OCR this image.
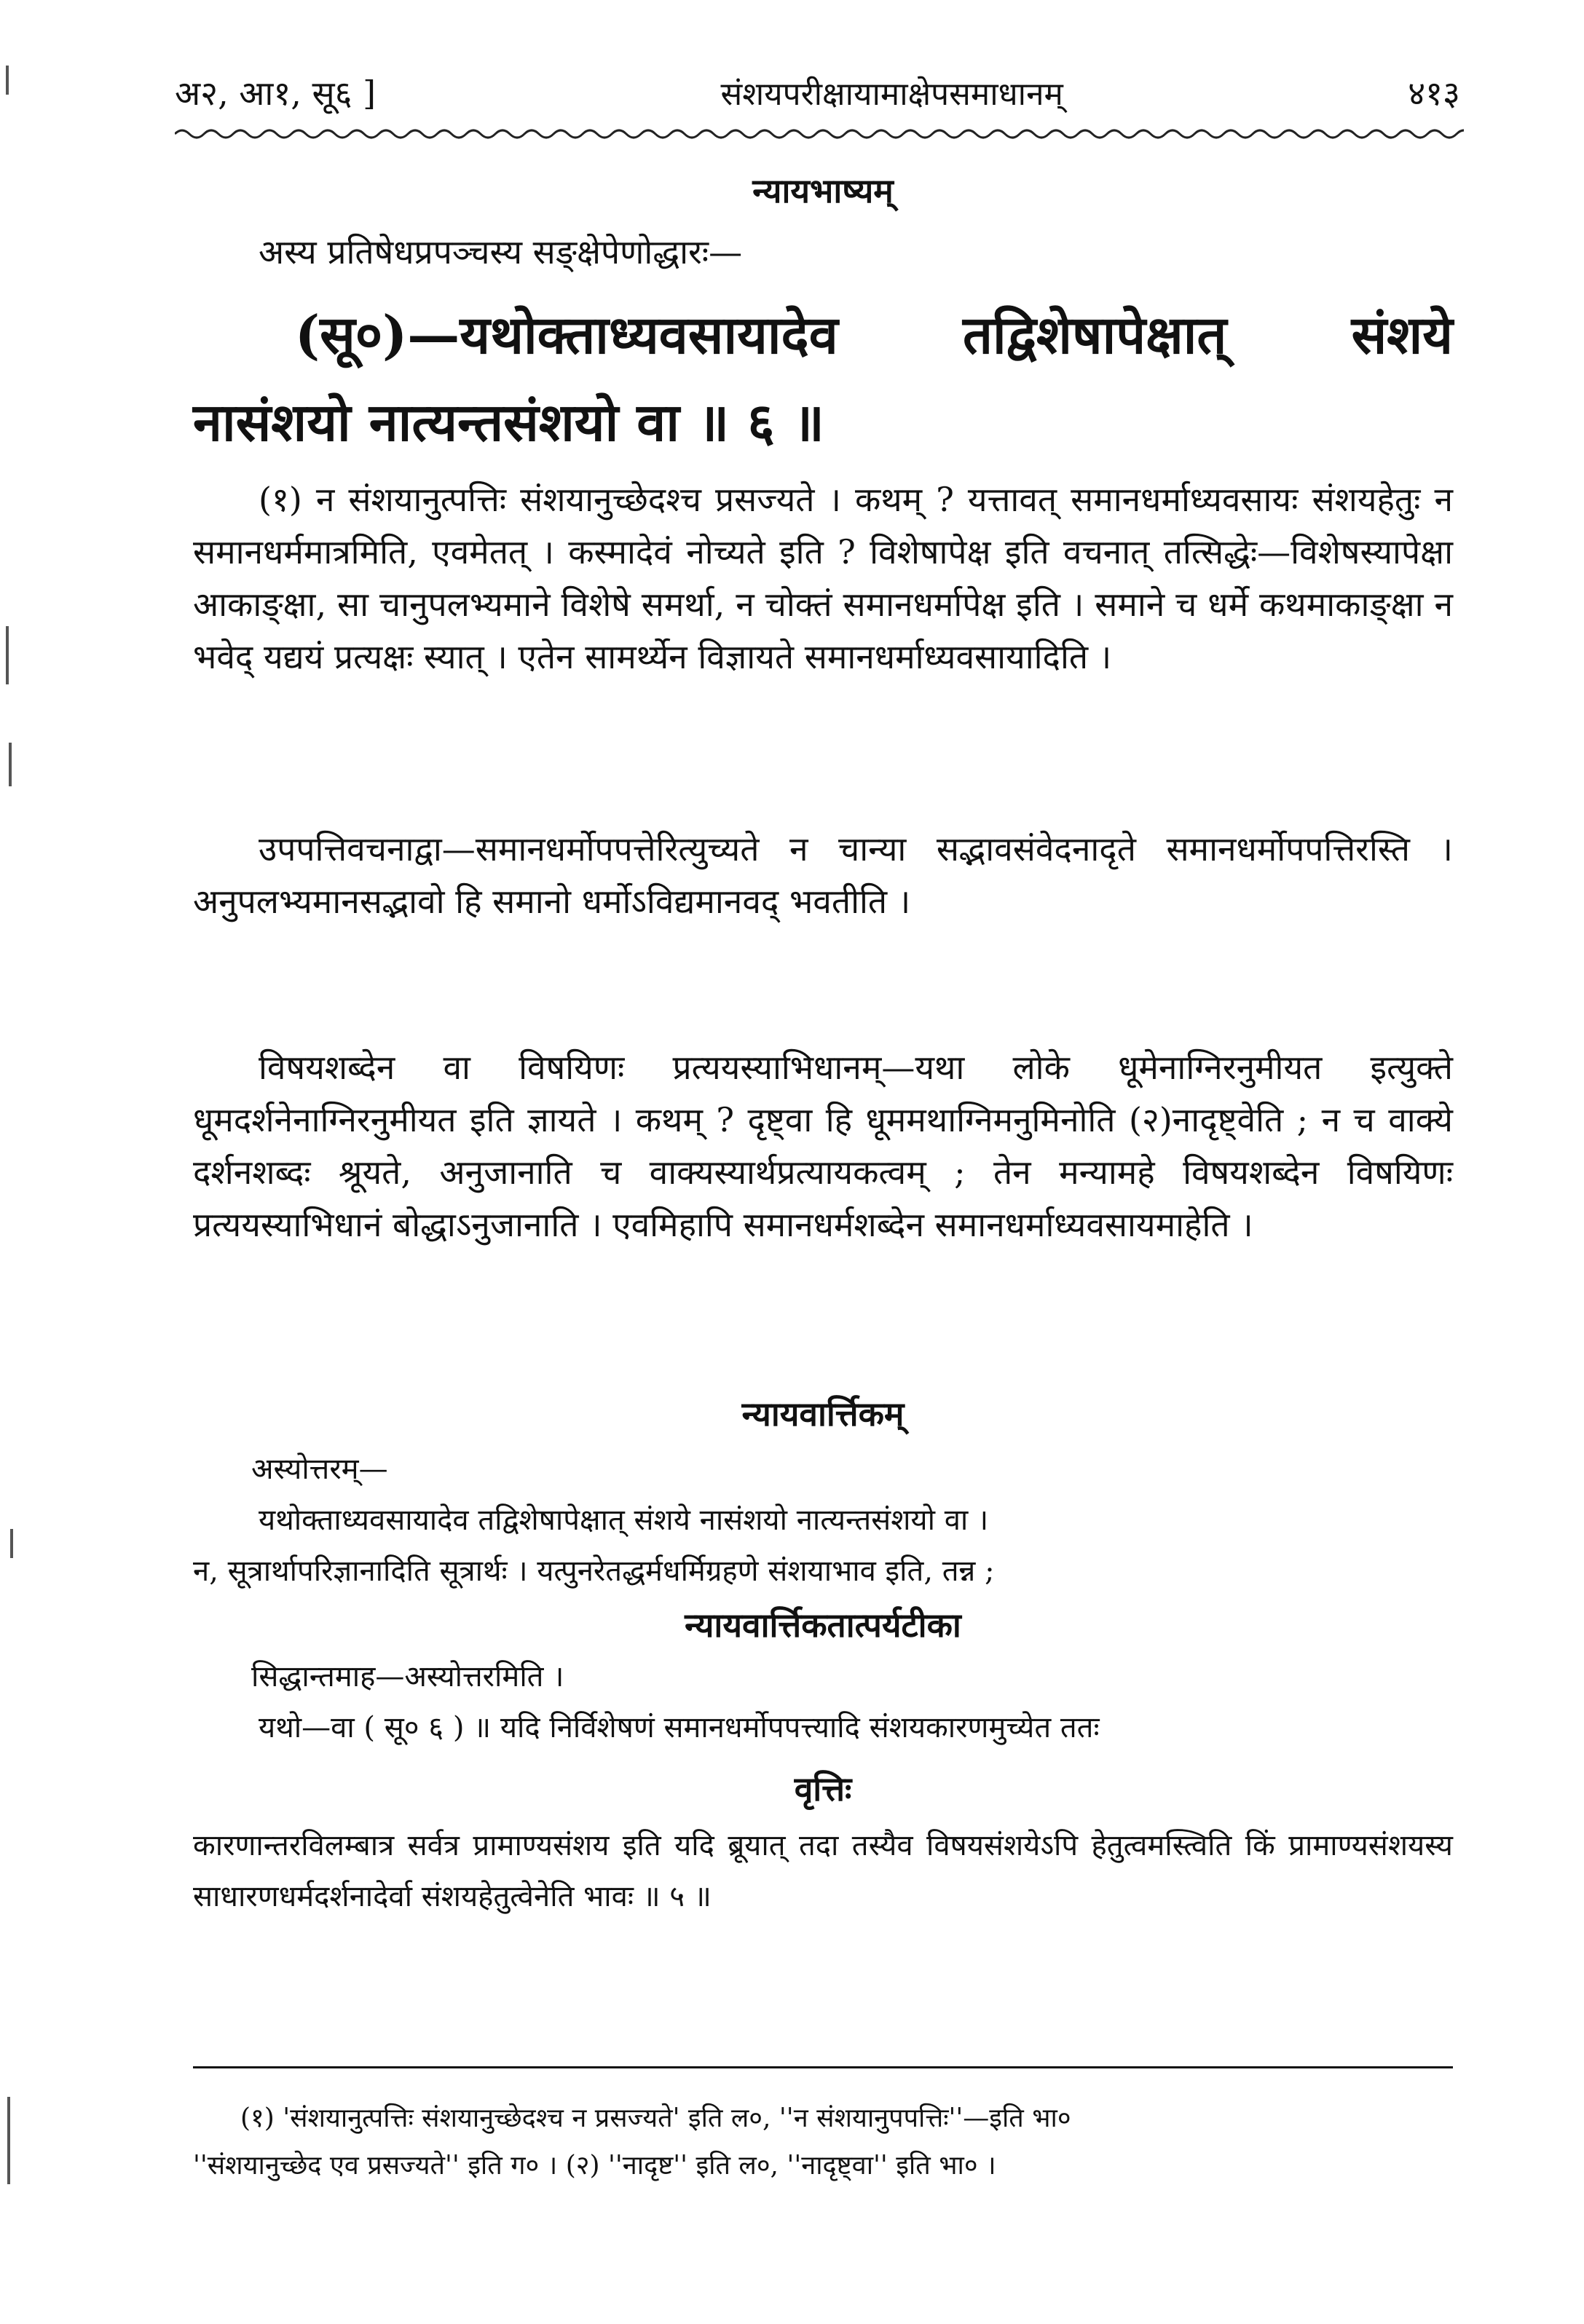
अ२, आ१, सू६ ]	संशयपरीक्षायामाक्षेपसमाधानम्	४१३

न्यायभाष्यम्

अस्य प्रतिषेधप्रपञ्चस्य सङ्क्षेपेणोद्धारः—

(सू०)—यथोक्ताध्यवसायादेव तद्विशेषापेक्षात् संशये
नासंशयो नात्यन्तसंशयो वा ॥ ६ ॥

(१) न संशयानुत्पत्तिः संशयानुच्छेदश्च प्रसज्यते । कथम् ? यत्तावत् समानधर्माध्यवसायः संशयहेतुः न समानधर्ममात्रमिति, एवमेतत् । कस्मादेवं नोच्यते इति ? विशेषापेक्ष इति वचनात् तत्सिद्धेः—विशेषस्यापेक्षा आकाङ्क्षा, सा चानुपलभ्यमाने विशेषे समर्था, न चोक्तं समानधर्मापेक्ष इति । समाने च धर्मे कथमाकाङ्क्षा न भवेद् यद्ययं प्रत्यक्षः स्यात् । एतेन सामर्थ्येन विज्ञायते समानधर्माध्यवसायादिति ।

उपपत्तिवचनाद्वा—समानधर्मोपपत्तेरित्युच्यते न चान्या सद्भावसंवेदनादृते समानधर्मोपपत्तिरस्ति । अनुपलभ्यमानसद्भावो हि समानो धर्मोऽविद्यमानवद् भवतीति ।

विषयशब्देन वा विषयिणः प्रत्ययस्याभिधानम्—यथा लोके धूमेनाग्निरनुमीयत इत्युक्ते धूमदर्शनेनाग्निरनुमीयत इति ज्ञायते । कथम् ? दृष्ट्वा हि धूममथाग्निमनुमिनोति (२)नादृष्ट्वेति ; न च वाक्ये दर्शनशब्दः श्रूयते, अनुजानाति च वाक्यस्यार्थप्रत्यायकत्वम् ; तेन मन्यामहे विषयशब्देन विषयिणः प्रत्ययस्याभिधानं बोद्धाऽनुजानाति । एवमिहापि समानधर्मशब्देन समानधर्माध्यवसायमाहेति ।

न्यायवार्त्तिकम्

अस्योत्तरम्—

यथोक्ताध्यवसायादेव तद्विशेषापेक्षात् संशये नासंशयो नात्यन्तसंशयो वा ।

न, सूत्रार्थापरिज्ञानादिति सूत्रार्थः । यत्पुनरेतद्धर्मधर्मिग्रहणे संशयाभाव इति, तन्न ;

न्यायवार्त्तिकतात्पर्यटीका

सिद्धान्तमाह—अस्योत्तरमिति ।

यथो—वा ( सू० ६ ) ॥ यदि निर्विशेषणं समानधर्मोपपत्त्यादि संशयकारणमुच्येत ततः

वृत्तिः

कारणान्तरविलम्बात्र सर्वत्र प्रामाण्यसंशय इति यदि ब्रूयात् तदा तस्यैव विषयसंशयेऽपि हेतुत्वमस्त्विति किं प्रामाण्यसंशयस्य साधारणधर्मदर्शनादेर्वा संशयहेतुत्वेनेति भावः ॥ ५ ॥

(१) 'संशयानुत्पत्तिः संशयानुच्छेदश्च न प्रसज्यते' इति ल०, ''न संशयानुपपत्तिः''—इति भा०

''संशयानुच्छेद एव प्रसज्यते'' इति ग० । (२) ''नादृष्ट'' इति ल०, ''नादृष्ट्वा'' इति भा० ।
